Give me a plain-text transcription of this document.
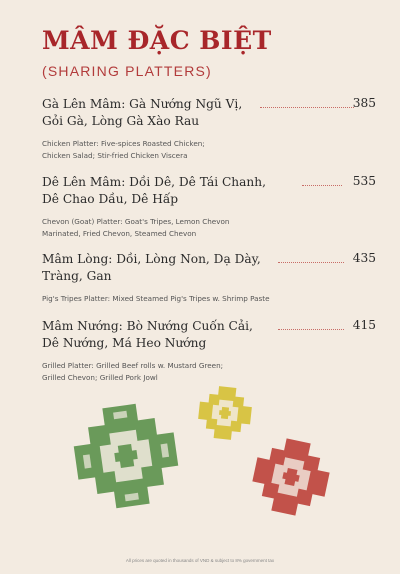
MÂM ĐẶC BIỆT

(SHARING PLATTERS)

Gà Lên Mâm: Gà Nướng Ngũ Vị,
Gỏi Gà, Lòng Gà Xào Rau
385
Chicken Platter: Five-spices Roasted Chicken;
Chicken Salad; Stir-fried Chicken Viscera
Dê Lên Mâm: Dồi Dê, Dê Tái Chanh,
Dê Chao Dầu, Dê Hấp
535
Chevon (Goat) Platter: Goat's Tripes, Lemon Chevon
Marinated, Fried Chevon, Steamed Chevon
Mâm Lòng: Dồi, Lòng Non, Dạ Dày,
Tràng, Gan
435
Pig's Tripes Platter: Mixed Steamed Pig's Tripes w. Shrimp Paste
Mâm Nướng: Bò Nướng Cuốn Cải,
Dê Nướng, Má Heo Nướng
415
Grilled Platter: Grilled Beef rolls w. Mustard Green;
Grilled Chevon; Grilled Pork Jowl
All prices are quoted in thousands of VND & subject to 8% government tax
